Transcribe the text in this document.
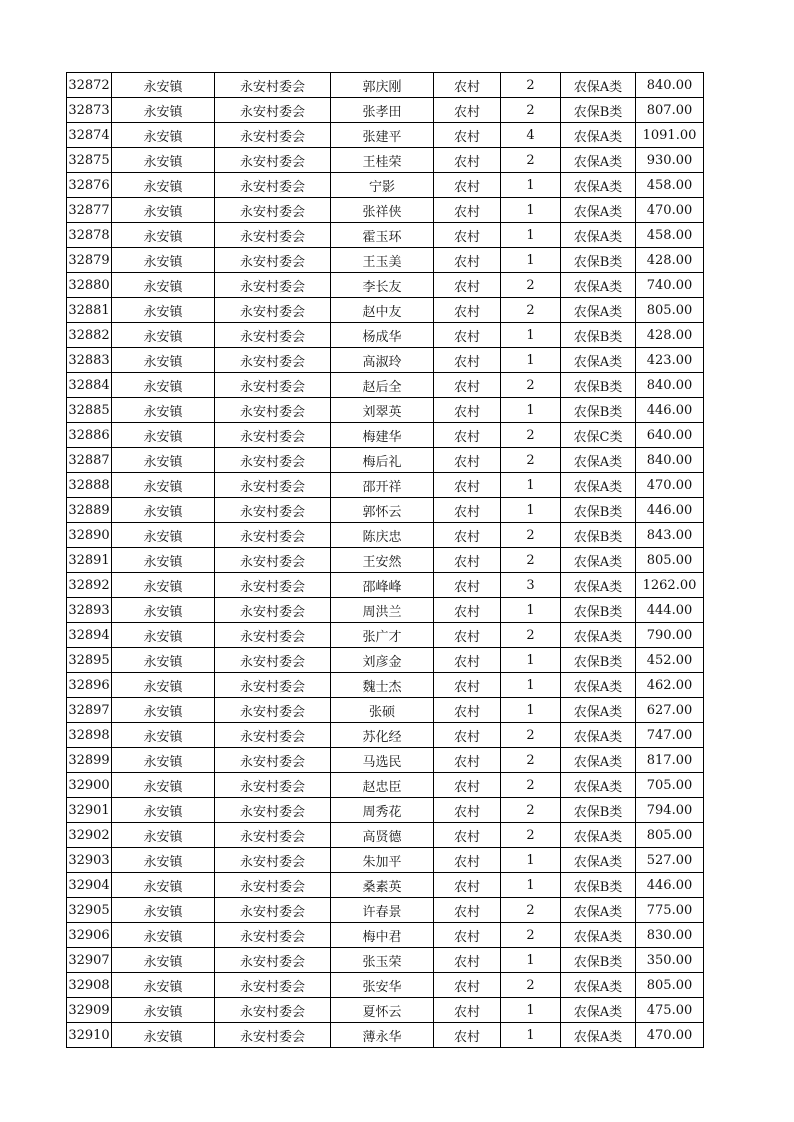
32872	永安镇	永安村委会	郭庆刚	农村	2	农保A类	840.00
32873	永安镇	永安村委会	张孝田	农村	2	农保B类	807.00
32874	永安镇	永安村委会	张建平	农村	4	农保A类	1091.00
32875	永安镇	永安村委会	王桂荣	农村	2	农保A类	930.00
32876	永安镇	永安村委会	宁影	农村	1	农保A类	458.00
32877	永安镇	永安村委会	张祥侠	农村	1	农保A类	470.00
32878	永安镇	永安村委会	霍玉环	农村	1	农保A类	458.00
32879	永安镇	永安村委会	王玉美	农村	1	农保B类	428.00
32880	永安镇	永安村委会	李长友	农村	2	农保A类	740.00
32881	永安镇	永安村委会	赵中友	农村	2	农保A类	805.00
32882	永安镇	永安村委会	杨成华	农村	1	农保B类	428.00
32883	永安镇	永安村委会	高淑玲	农村	1	农保A类	423.00
32884	永安镇	永安村委会	赵后全	农村	2	农保B类	840.00
32885	永安镇	永安村委会	刘翠英	农村	1	农保B类	446.00
32886	永安镇	永安村委会	梅建华	农村	2	农保C类	640.00
32887	永安镇	永安村委会	梅后礼	农村	2	农保A类	840.00
32888	永安镇	永安村委会	邵开祥	农村	1	农保A类	470.00
32889	永安镇	永安村委会	郭怀云	农村	1	农保B类	446.00
32890	永安镇	永安村委会	陈庆忠	农村	2	农保B类	843.00
32891	永安镇	永安村委会	王安然	农村	2	农保A类	805.00
32892	永安镇	永安村委会	邵峰峰	农村	3	农保A类	1262.00
32893	永安镇	永安村委会	周洪兰	农村	1	农保B类	444.00
32894	永安镇	永安村委会	张广才	农村	2	农保A类	790.00
32895	永安镇	永安村委会	刘彦金	农村	1	农保B类	452.00
32896	永安镇	永安村委会	魏士杰	农村	1	农保A类	462.00
32897	永安镇	永安村委会	张硕	农村	1	农保A类	627.00
32898	永安镇	永安村委会	苏化经	农村	2	农保A类	747.00
32899	永安镇	永安村委会	马选民	农村	2	农保A类	817.00
32900	永安镇	永安村委会	赵忠臣	农村	2	农保A类	705.00
32901	永安镇	永安村委会	周秀花	农村	2	农保B类	794.00
32902	永安镇	永安村委会	高贤德	农村	2	农保A类	805.00
32903	永安镇	永安村委会	朱加平	农村	1	农保A类	527.00
32904	永安镇	永安村委会	桑素英	农村	1	农保B类	446.00
32905	永安镇	永安村委会	许春景	农村	2	农保A类	775.00
32906	永安镇	永安村委会	梅中君	农村	2	农保A类	830.00
32907	永安镇	永安村委会	张玉荣	农村	1	农保B类	350.00
32908	永安镇	永安村委会	张安华	农村	2	农保A类	805.00
32909	永安镇	永安村委会	夏怀云	农村	1	农保A类	475.00
32910	永安镇	永安村委会	薄永华	农村	1	农保A类	470.00
